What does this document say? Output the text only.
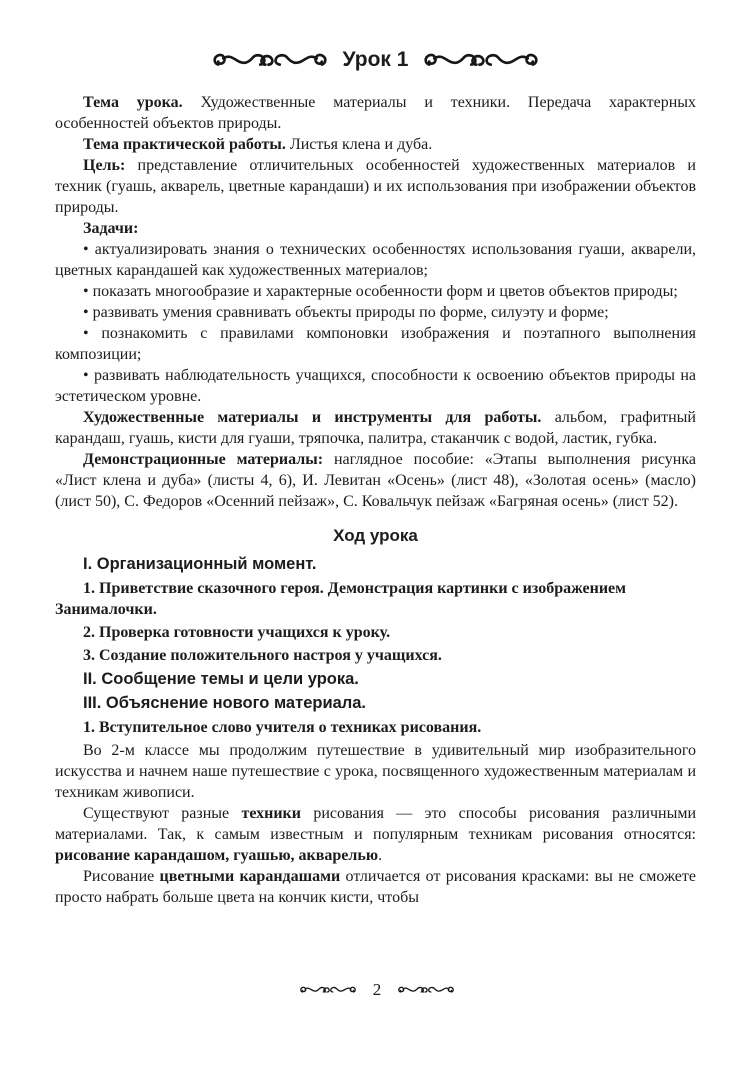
Урок 1
Тема урока. Художественные материалы и техники. Передача характерных особенностей объектов природы.
Тема практической работы. Листья клена и дуба.
Цель: представление отличительных особенностей художественных материалов и техник (гуашь, акварель, цветные карандаши) и их использования при изображении объектов природы.
Задачи:
• актуализировать знания о технических особенностях использования гуаши, акварели, цветных карандашей как художественных материалов;
• показать многообразие и характерные особенности форм и цветов объектов природы;
• развивать умения сравнивать объекты природы по форме, силуэту и форме;
• познакомить с правилами компоновки изображения и поэтапного выполнения композиции;
• развивать наблюдательность учащихся, способности к освоению объектов природы на эстетическом уровне.
Художественные материалы и инструменты для работы. альбом, графитный карандаш, гуашь, кисти для гуаши, тряпочка, палитра, стаканчик с водой, ластик, губка.
Демонстрационные материалы: наглядное пособие: «Этапы выполнения рисунка «Лист клена и дуба» (листы 4, 6), И. Левитан «Осень» (лист 48), «Золотая осень» (масло) (лист 50), С. Федоров «Осенний пейзаж», С. Ковальчук пейзаж «Багряная осень» (лист 52).
Ход урока
I. Организационный момент.
1. Приветствие сказочного героя. Демонстрация картинки с изображением Занималочки.
2. Проверка готовности учащихся к уроку.
3. Создание положительного настроя у учащихся.
II. Сообщение темы и цели урока.
III. Объяснение нового материала.
1. Вступительное слово учителя о техниках рисования.
Во 2-м классе мы продолжим путешествие в удивительный мир изобразительного искусства и начнем наше путешествие с урока, посвященного художественным материалам и техникам живописи.
Существуют разные техники рисования — это способы рисования различными материалами. Так, к самым известным и популярным техникам рисования относятся: рисование карандашом, гуашью, акварелью.
Рисование цветными карандашами отличается от рисования красками: вы не сможете просто набрать больше цвета на кончик кисти, чтобы
2
